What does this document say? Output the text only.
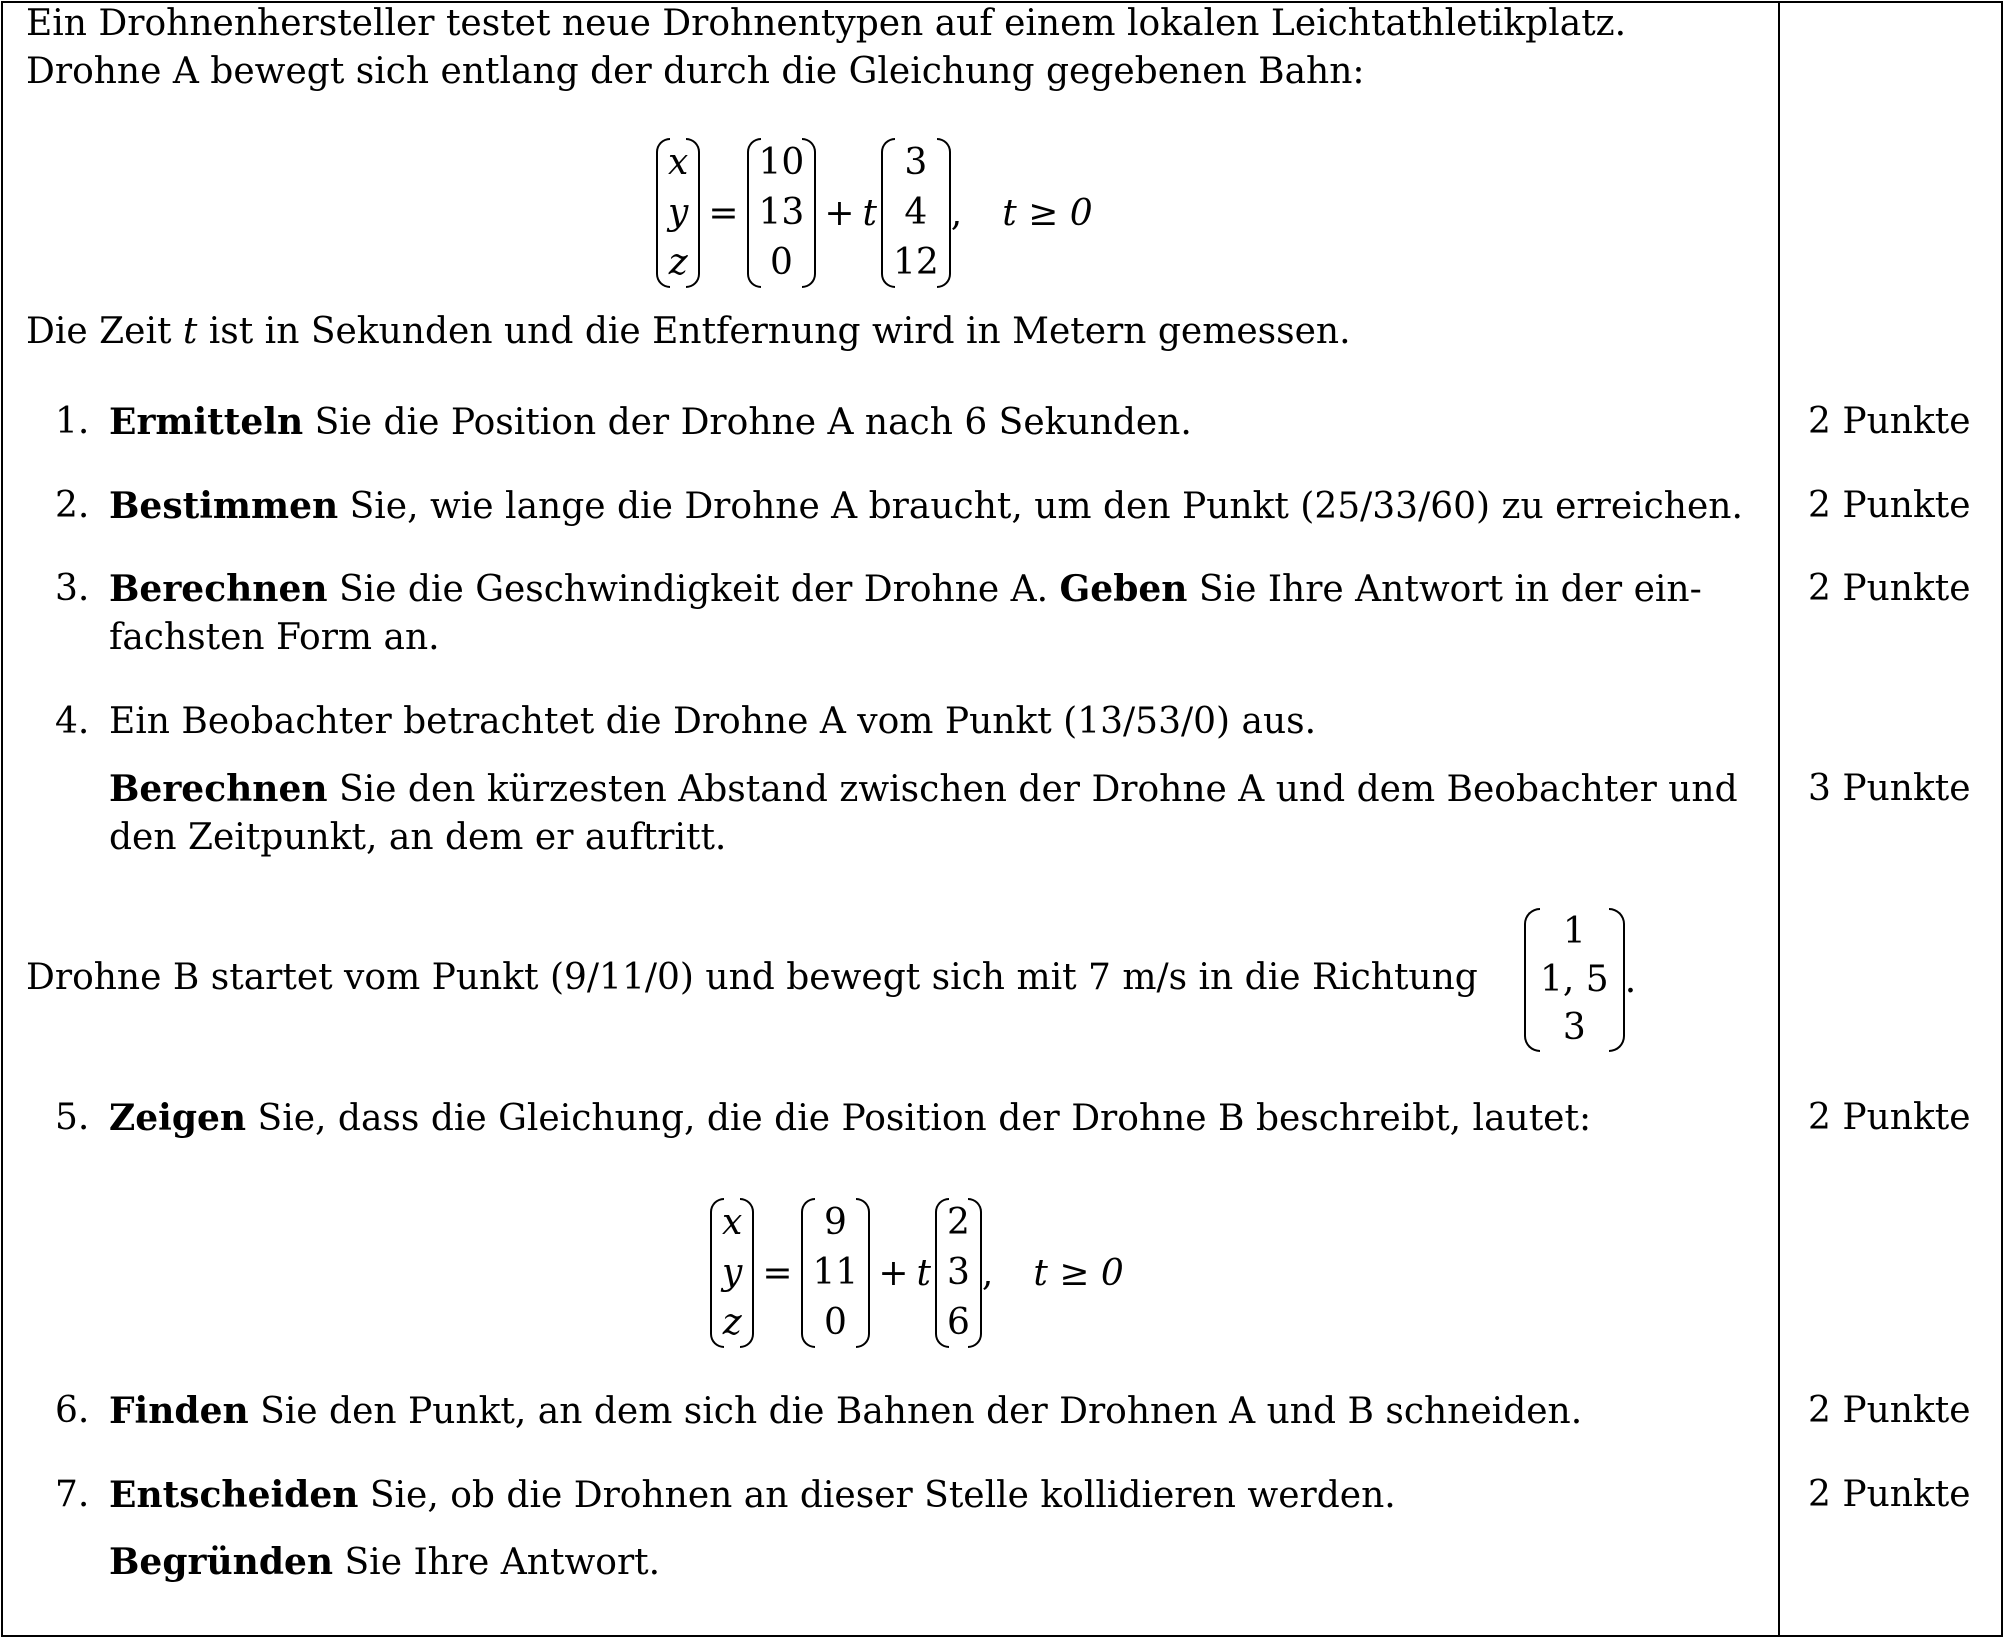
Ein Drohnenhersteller testet neue Drohnentypen auf einem lokalen Leichtathletikplatz.
Drohne A bewegt sich entlang der durch die Gleichung gegebenen Bahn:
x
y
z
=
10
13
0
+ t
3
4
12
, t ≥ 0
Die Zeit t ist in Sekunden und die Entfernung wird in Metern gemessen.
1. Ermitteln Sie die Position der Drohne A nach 6 Sekunden.	2 Punkte
2. Bestimmen Sie, wie lange die Drohne A braucht, um den Punkt (25/33/60) zu erreichen. 2 Punkte
3. Berechnen Sie die Geschwindigkeit der Drohne A. Geben Sie Ihre Antwort in der ein-
fachsten Form an.
2 Punkte
4. Ein Beobachter betrachtet die Drohne A vom Punkt (13/53/0) aus.
Berechnen Sie den kürzesten Abstand zwischen der Drohne A und dem Beobachter und
den Zeitpunkt, an dem er auftritt.
3 Punkte
Drohne B startet vom Punkt (9/11/0) und bewegt sich mit 7 m/s in die Richtung
1
1, 5
3
.
5. Zeigen Sie, dass die Gleichung, die die Position der Drohne B beschreibt, lautet:	2 Punkte
x
y
z
=
9
11
0
+ t
2
3
6
, t ≥ 0
6. Finden Sie den Punkt, an dem sich die Bahnen der Drohnen A und B schneiden.	2 Punkte
7. Entscheiden Sie, ob die Drohnen an dieser Stelle kollidieren werden.
Begründen Sie Ihre Antwort.
2 Punkte
